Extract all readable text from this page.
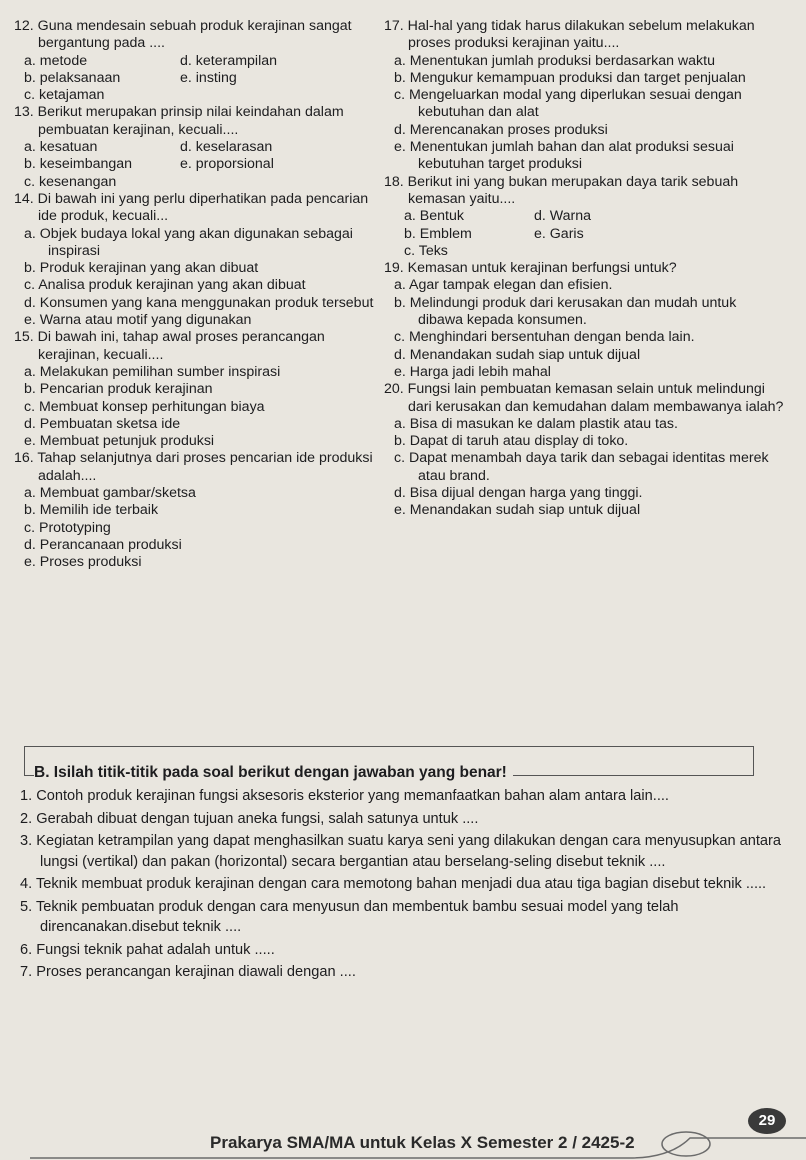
12. Guna mendesain sebuah produk kerajinan sangat bergantung pada ....
a. metode	d. keterampilan
b. pelaksanaan	e. insting
c. ketajaman
13. Berikut merupakan prinsip nilai keindahan dalam pembuatan kerajinan, kecuali....
a. kesatuan	d. keselarasan
b. keseimbangan	e. proporsional
c. kesenangan
14. Di bawah ini yang perlu diperhatikan pada pencarian ide produk, kecuali...
a. Objek budaya lokal yang akan digunakan sebagai inspirasi
b. Produk kerajinan yang akan dibuat
c. Analisa produk kerajinan yang akan dibuat
d. Konsumen yang kana menggunakan produk tersebut
e. Warna atau motif yang digunakan
15. Di bawah ini, tahap awal proses perancangan kerajinan, kecuali....
a. Melakukan pemilihan sumber inspirasi
b. Pencarian produk kerajinan
c. Membuat konsep perhitungan biaya
d. Pembuatan sketsa ide
e. Membuat petunjuk produksi
16. Tahap selanjutnya dari proses pencarian ide produksi adalah....
a. Membuat gambar/sketsa
b. Memilih ide terbaik
c. Prototyping
d. Perancanaan produksi
e. Proses produksi
17. Hal-hal yang tidak harus dilakukan sebelum melakukan proses produksi kerajinan yaitu....
a. Menentukan jumlah produksi berdasarkan waktu
b. Mengukur kemampuan produksi dan target penjualan
c. Mengeluarkan modal yang diperlukan sesuai dengan kebutuhan dan alat
d. Merencanakan proses produksi
e. Menentukan jumlah bahan dan alat produksi sesuai kebutuhan target produksi
18. Berikut ini yang bukan merupakan daya tarik sebuah kemasan yaitu....
a. Bentuk	d. Warna
b. Emblem	e. Garis
c. Teks
19. Kemasan untuk kerajinan berfungsi untuk?
a. Agar tampak elegan dan efisien.
b. Melindungi produk dari kerusakan dan mudah untuk dibawa kepada konsumen.
c. Menghindari bersentuhan dengan benda lain.
d. Menandakan sudah siap untuk dijual
e. Harga jadi lebih mahal
20. Fungsi lain pembuatan kemasan selain untuk melindungi dari kerusakan dan kemudahan dalam membawanya ialah?
a. Bisa di masukan ke dalam plastik atau tas.
b. Dapat di taruh atau display di toko.
c. Dapat menambah daya tarik dan sebagai identitas merek atau brand.
d. Bisa dijual dengan harga yang tinggi.
e. Menandakan sudah siap untuk dijual
B. Isilah titik-titik pada soal berikut dengan jawaban yang benar!
1. Contoh produk kerajinan fungsi aksesoris eksterior yang memanfaatkan bahan alam antara lain....
2. Gerabah dibuat dengan tujuan aneka fungsi, salah satunya untuk ....
3. Kegiatan ketrampilan yang dapat menghasilkan suatu karya seni yang dilakukan dengan cara menyusupkan antara lungsi (vertikal) dan pakan (horizontal) secara bergantian atau berselang-seling disebut teknik ....
4. Teknik membuat produk kerajinan dengan cara memotong bahan menjadi dua atau tiga bagian disebut teknik .....
5. Teknik pembuatan produk dengan cara menyusun dan membentuk bambu sesuai model yang telah direncanakan.disebut teknik ....
6. Fungsi teknik pahat adalah untuk .....
7. Proses perancangan kerajinan diawali dengan ....
Prakarya SMA/MA untuk Kelas X Semester 2 / 2425-2
29
